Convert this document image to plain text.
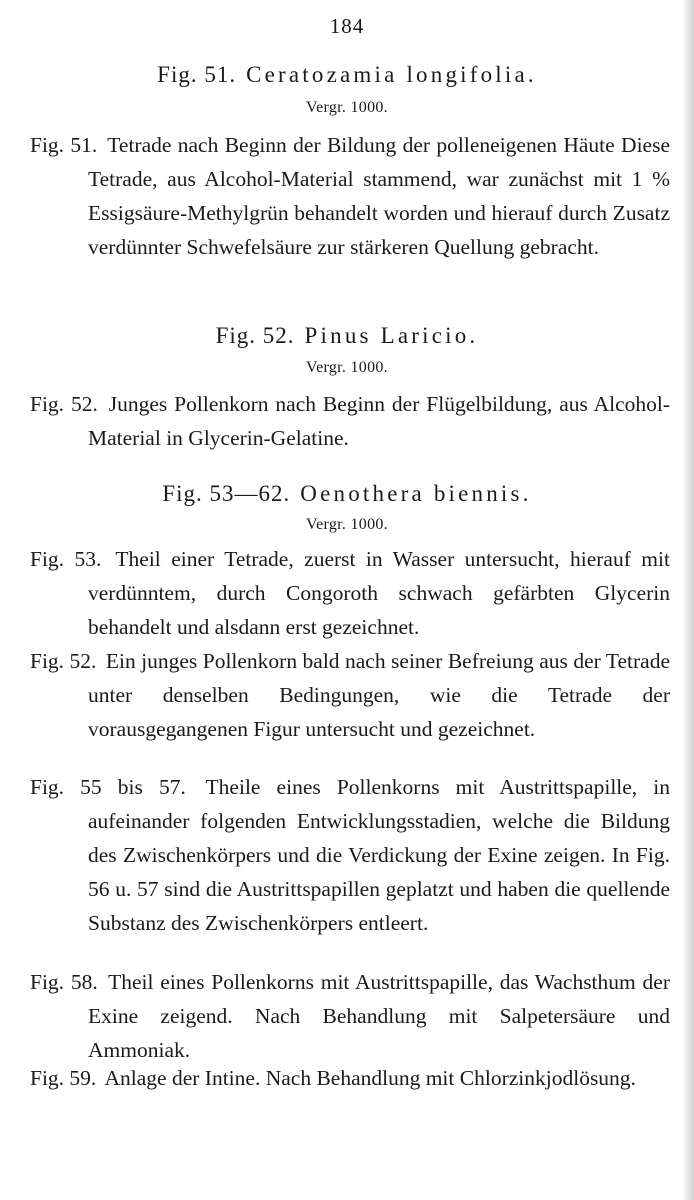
184
Fig. 51. Ceratozamia longifolia.
Vergr. 1000.
Fig. 51. Tetrade nach Beginn der Bildung der polleneigenen Häute Diese Tetrade, aus Alcohol-Material stammend, war zunächst mit 1 % Essigsäure-Methylgrün behandelt worden und hierauf durch Zusatz verdünnter Schwefelsäure zur stärkeren Quellung gebracht.
Fig. 52. Pinus Laricio.
Vergr. 1000.
Fig. 52. Junges Pollenkorn nach Beginn der Flügelbildung, aus Alcohol-Material in Glycerin-Gelatine.
Fig. 53—62. Oenothera biennis.
Vergr. 1000.
Fig. 53. Theil einer Tetrade, zuerst in Wasser untersucht, hierauf mit verdünntem, durch Congoroth schwach gefärbten Glycerin behandelt und alsdann erst gezeichnet.
Fig. 52. Ein junges Pollenkorn bald nach seiner Befreiung aus der Tetrade unter denselben Bedingungen, wie die Tetrade der vorausgegangenen Figur untersucht und gezeichnet.
Fig. 55 bis 57. Theile eines Pollenkorns mit Austrittspapille, in aufeinander folgenden Entwicklungsstadien, welche die Bildung des Zwischenkörpers und die Verdickung der Exine zeigen. In Fig. 56 u. 57 sind die Austrittspapillen geplatzt und haben die quellende Substanz des Zwischenkörpers entleert.
Fig. 58. Theil eines Pollenkorns mit Austrittspapille, das Wachsthum der Exine zeigend. Nach Behandlung mit Salpetersäure und Ammoniak.
Fig. 59. Anlage der Intine. Nach Behandlung mit Chlorzinkjodlösung.
